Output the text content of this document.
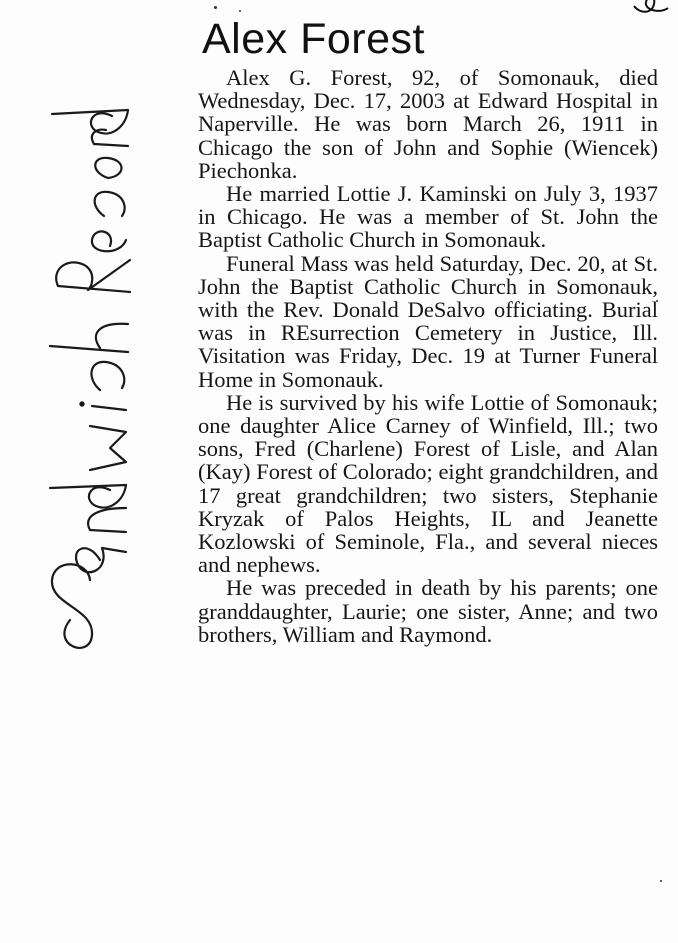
Alex Forest

Alex G. Forest, 92, of Somonauk, died Wednesday, Dec. 17, 2003 at Edward Hospital in Naperville. He was born March 26, 1911 in Chicago the son of John and Sophie (Wiencek) Piechonka.

He married Lottie J. Kaminski on July 3, 1937 in Chicago. He was a member of St. John the Baptist Catholic Church in Somonauk.

Funeral Mass was held Saturday, Dec. 20, at St. John the Baptist Catholic Church in Somonauk, with the Rev. Donald DeSalvo officiating. Burial was in REsurrection Cemetery in Justice, Ill. Visitation was Friday, Dec. 19 at Turner Funeral Home in Somonauk.

He is survived by his wife Lottie of Somonauk; one daughter Alice Carney of Winfield, Ill.; two sons, Fred (Charlene) Forest of Lisle, and Alan (Kay) Forest of Colorado; eight grandchildren, and 17 great grandchildren; two sisters, Stephanie Kryzak of Palos Heights, IL and Jeanette Kozlowski of Seminole, Fla., and several nieces and nephews.

He was preceded in death by his parents; one granddaughter, Laurie; one sister, Anne; and two brothers, William and Raymond.
